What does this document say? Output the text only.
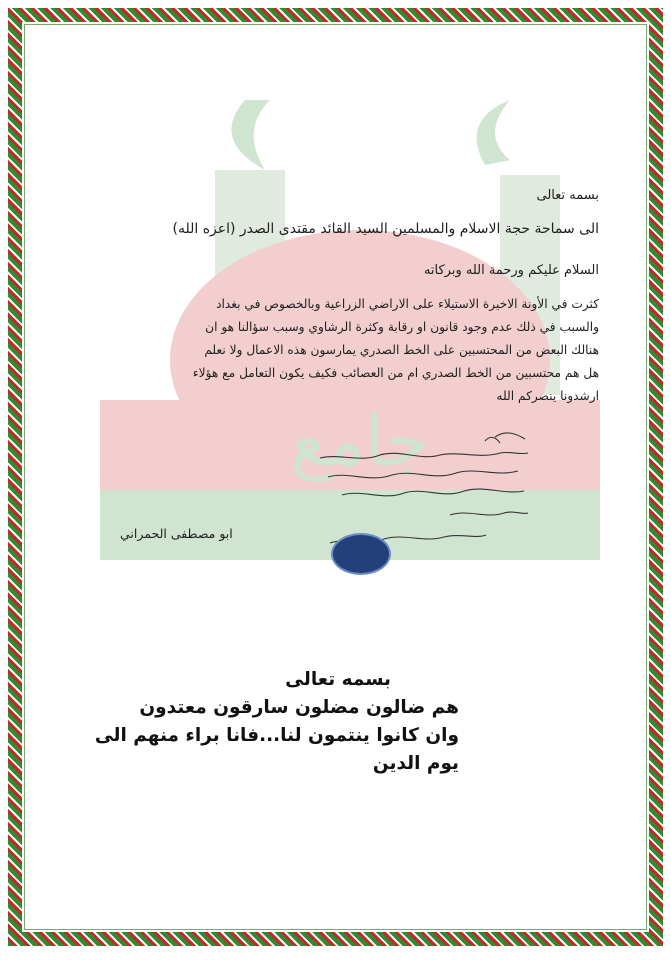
جامع

بسمه تعالى

الى سماحة حجة الاسلام والمسلمين السيد القائد مقتدى الصدر (اعزه الله)

السلام عليكم ورحمة الله وبركاته

كثرت في الأونة الاخيرة الاستيلاء على الاراضي الزراعية وبالخصوص في بغداد

والسبب في ذلك عدم وجود قانون او رقابة وكثرة الرشاوي وسبب سؤالنا هو ان

هنالك البعض من المحتسبين على الخط الصدري يمارسون هذه الاعمال ولا نعلم

هل هم محتسبين من الخط الصدري ام من العصائب فكيف يكون التعامل مع هؤلاء

ارشدونا ينصركم الله

ابو مصطفى الحمراني
بسمه تعالى
هم ضالون مضلون سارقون معتدون
وان كانوا ينتمون لنا...فانا براء منهم الى
يوم الدين
